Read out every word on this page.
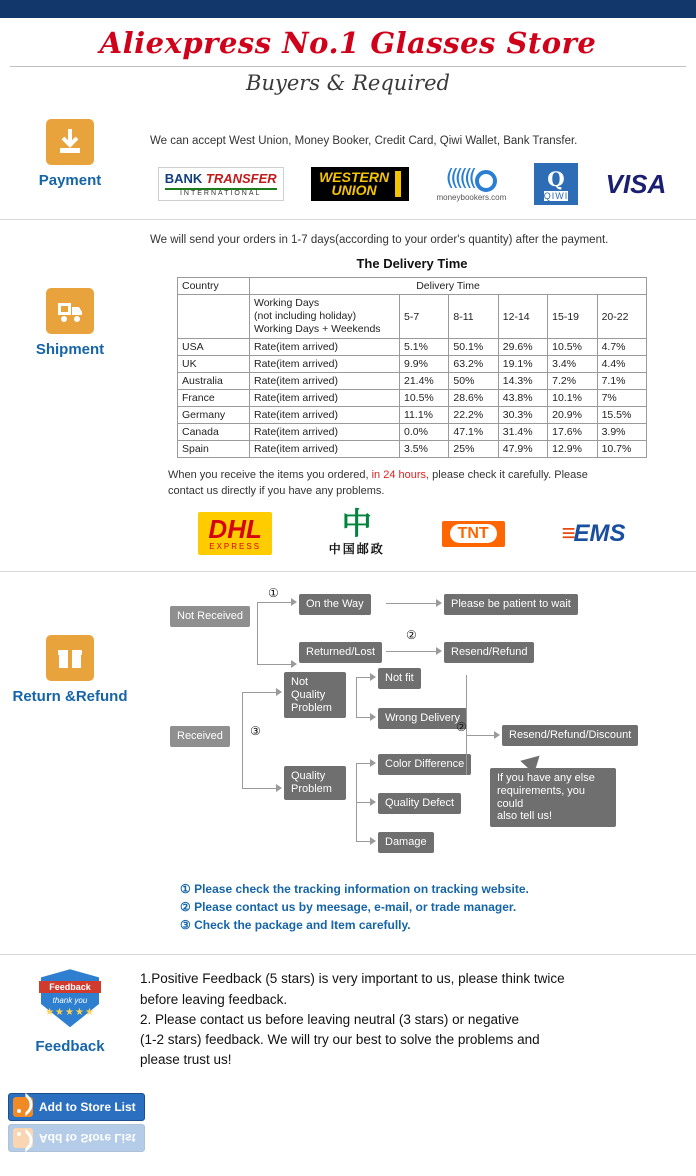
Aliexpress No.1 Glasses Store
Buyers & Required
Payment
We can accept West Union, Money Booker, Credit Card, Qiwi Wallet, Bank Transfer.
BANK TRANSFER
INTERNATIONAL
WESTERN
UNION	((((((
moneybookers.com
Q
QIWI VISA
Shipment
We will send your orders in 1-7 days(according to your order's quantity) after the payment.
The Delivery Time
Country	Delivery Time					

	Working Days
(not including holiday)
Working Days + Weekends	5-7	8-11	12-14	15-19	20-22
USA	Rate(item arrived)	5.1%	50.1%	29.6%	10.5%	4.7%
UK	Rate(item arrived)	9.9%	63.2%	19.1%	3.4%	4.4%
Australia	Rate(item arrived)	21.4%	50%	14.3%	7.2%	7.1%
France	Rate(item arrived)	10.5%	28.6%	43.8%	10.1%	7%
Germany	Rate(item arrived)	11.1%	22.2%	30.3%	20.9%	15.5%
Canada	Rate(item arrived)	0.0%	47.1%	31.4%	17.6%	3.9%
Spain	Rate(item arrived)	3.5%	25%	47.9%	12.9%	10.7%
When you receive the items you ordered, in 24 hours, please check it carefully. Please
contact us directly if you have any problems.
DHL
EXPRESS
中
中国邮政
TNT	≡EMS
Return &Refund
Not Received
①
On the Way
Returned/Lost
②
Please be patient to wait
Resend/Refund
Received	③
Not
Quality
Problem
Quality
Problem
Not fit
Wrong Delivery
Color Difference
Quality Defect
Damage
②
Resend/Refund/Discount
If you have any else
requirements, you could
also tell us!
① Please check the tracking information on tracking website.
② Please contact us by meesage, e-mail, or trade manager.
③ Check the package and Item carefully.
Feedback
thank you
★★★★★
Feedback
1.Positive Feedback (5 stars) is very important to us, please think twice
before leaving feedback.
2. Please contact us before leaving neutral (3 stars) or negative
(1-2 stars) feedback. We will try our best to solve the problems and
please trust us!
Add to Store List
Add to Store List
